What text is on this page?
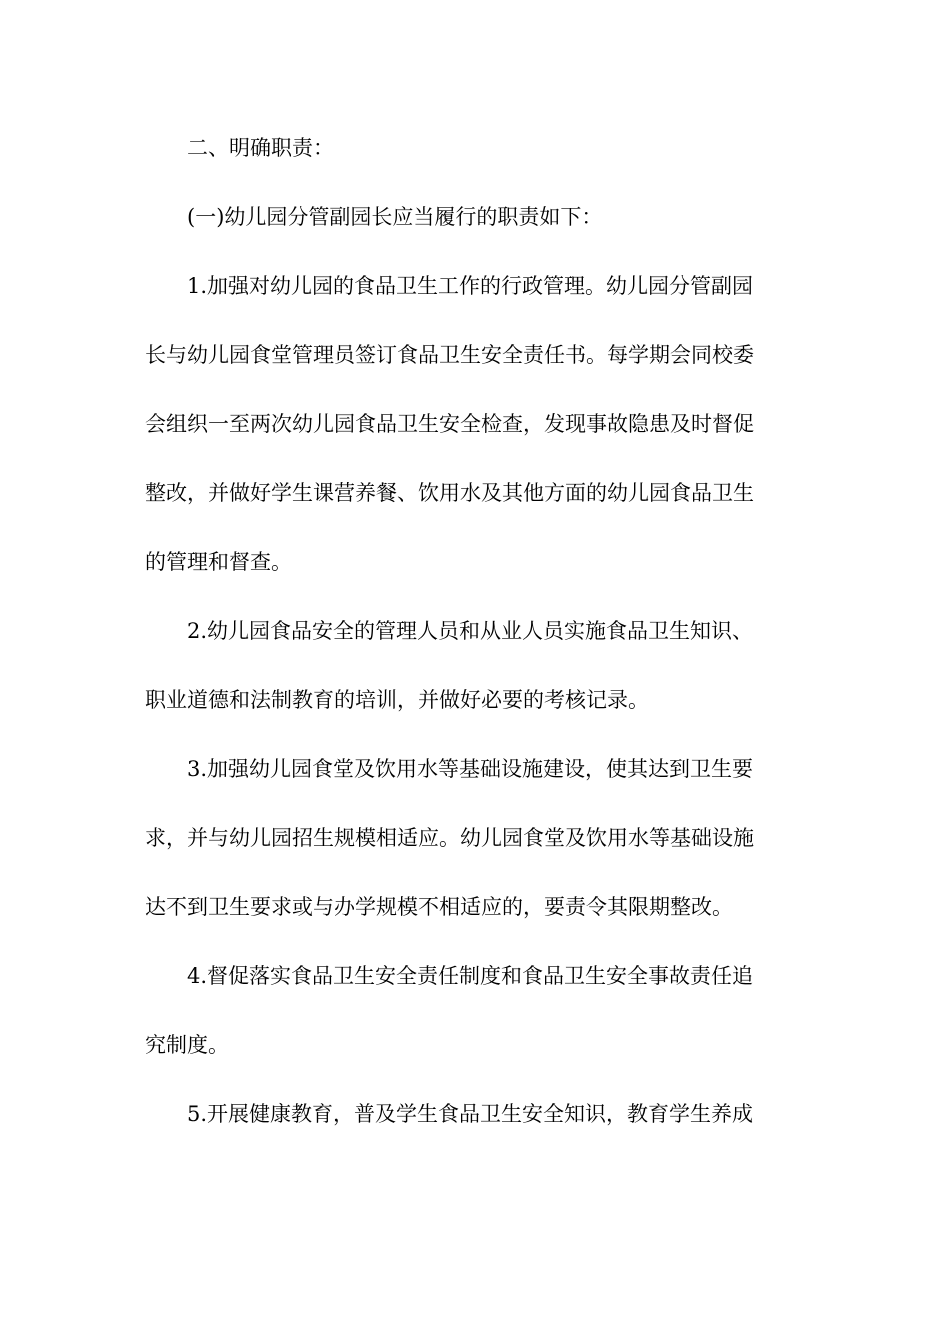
二、明确职责：
(一)幼儿园分管副园长应当履行的职责如下：
1.加强对幼儿园的食品卫生工作的行政管理。幼儿园分管副园
长与幼儿园食堂管理员签订食品卫生安全责任书。每学期会同校委
会组织一至两次幼儿园食品卫生安全检查，发现事故隐患及时督促
整改，并做好学生课营养餐、饮用水及其他方面的幼儿园食品卫生
的管理和督查。
2.幼儿园食品安全的管理人员和从业人员实施食品卫生知识、
职业道德和法制教育的培训，并做好必要的考核记录。
3.加强幼儿园食堂及饮用水等基础设施建设，使其达到卫生要
求，并与幼儿园招生规模相适应。幼儿园食堂及饮用水等基础设施
达不到卫生要求或与办学规模不相适应的，要责令其限期整改。
4.督促落实食品卫生安全责任制度和食品卫生安全事故责任追
究制度。
5.开展健康教育，普及学生食品卫生安全知识，教育学生养成
